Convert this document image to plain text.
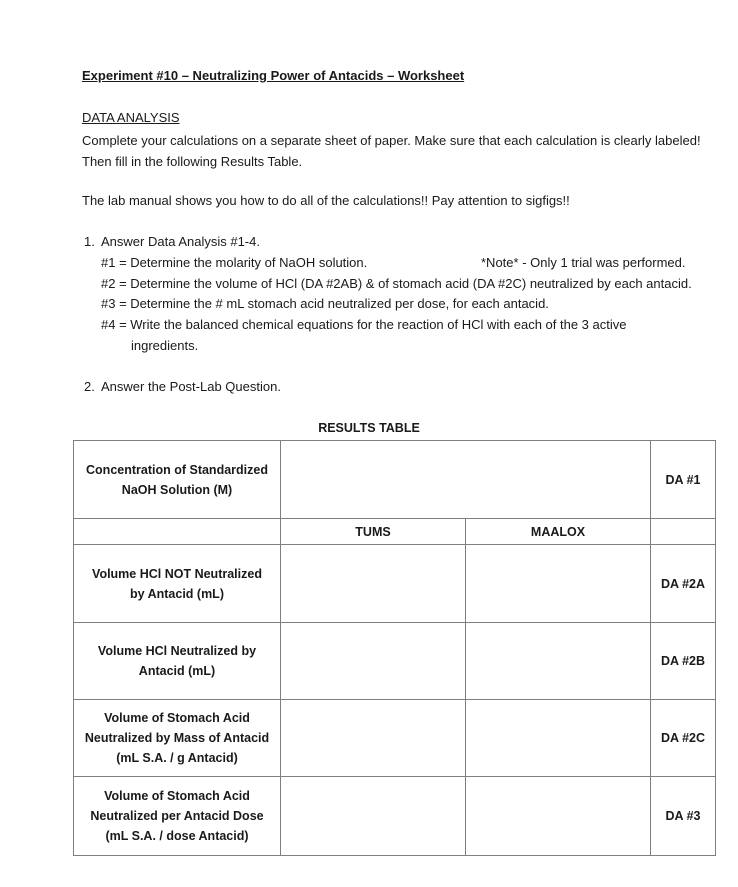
Experiment #10 – Neutralizing Power of Antacids – Worksheet
DATA ANALYSIS
Complete your calculations on a separate sheet of paper. Make sure that each calculation is clearly labeled! Then fill in the following Results Table.
The lab manual shows you how to do all of the calculations!! Pay attention to sigfigs!!
1. Answer Data Analysis #1-4.
#1 = Determine the molarity of NaOH solution.	*Note* - Only 1 trial was performed.
#2 = Determine the volume of HCl (DA #2AB) & of stomach acid (DA #2C) neutralized by each antacid.
#3 = Determine the # mL stomach acid neutralized per dose, for each antacid.
#4 = Write the balanced chemical equations for the reaction of HCl with each of the 3 active
ingredients.
2. Answer the Post-Lab Question.
RESULTS TABLE
Concentration of Standardized
NaOH Solution (M)			DA #1
	TUMS	MAALOX	

Volume HCl NOT Neutralized
by Antacid (mL)			DA #2A

Volume HCl Neutralized by
Antacid (mL)			DA #2B

Volume of Stomach Acid
Neutralized by Mass of Antacid
(mL S.A. / g Antacid)			DA #2C

Volume of Stomach Acid
Neutralized per Antacid Dose
(mL S.A. / dose Antacid)			DA #3
